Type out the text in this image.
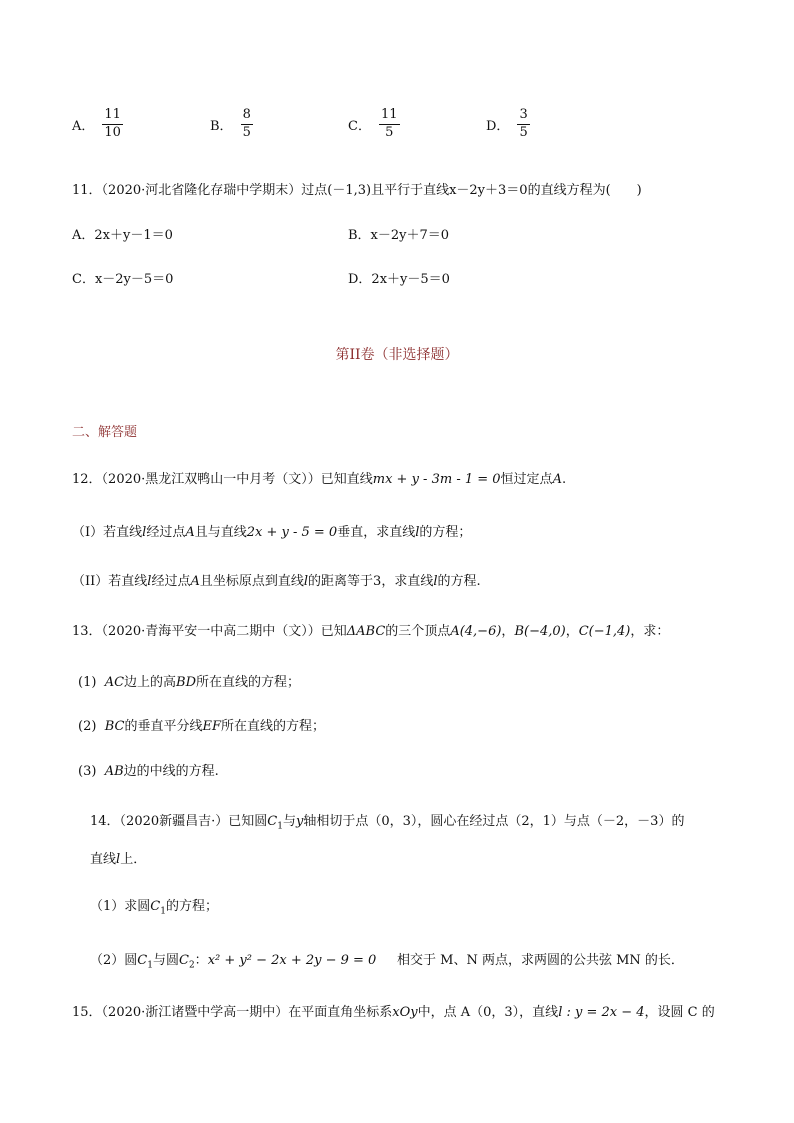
A． $\frac{11}{10}$	B． $\frac{8}{5}$	C． $\frac{11}{5}$	D． $\frac{3}{5}$
11．（2020·河北省隆化存瑞中学期末）过点(－1,3)且平行于直线x－2y＋3＝0的直线方程为(　　)
A．2x＋y－1＝0	B．x－2y＋7＝0
C．x－2y－5＝0	D．2x＋y－5＝0
第II卷（非选择题）
二、解答题
12．（2020·黑龙江双鸭山一中月考（文））已知直线mx + y - 3m - 1 = 0恒过定点A.
（I）若直线l经过点A且与直线2x + y - 5 = 0垂直，求直线l的方程；
（II）若直线l经过点A且坐标原点到直线l的距离等于3，求直线l的方程.
13．（2020·青海平安一中高二期中（文））已知ΔABC的三个顶点A(4,−6)，B(−4,0)，C(−1,4)，求：
(1) AC边上的高BD所在直线的方程；
(2) BC的垂直平分线EF所在直线的方程；
(3) AB边的中线的方程.
14．（2020新疆昌吉·）已知圆$C_1$与y轴相切于点（0，3），圆心在经过点（2，1）与点（－2，－3）的
直线l上．
（1）求圆$C_1$的方程；
（2）圆$C_1$与圆$C_2$：x² + y² − 2x + 2y − 9 = 0 相交于 M、N 两点，求两圆的公共弦 MN 的长．
15．（2020·浙江诸暨中学高一期中）在平面直角坐标系xOy中，点 A（0，3），直线l : y = 2x − 4，设圆 C 的
